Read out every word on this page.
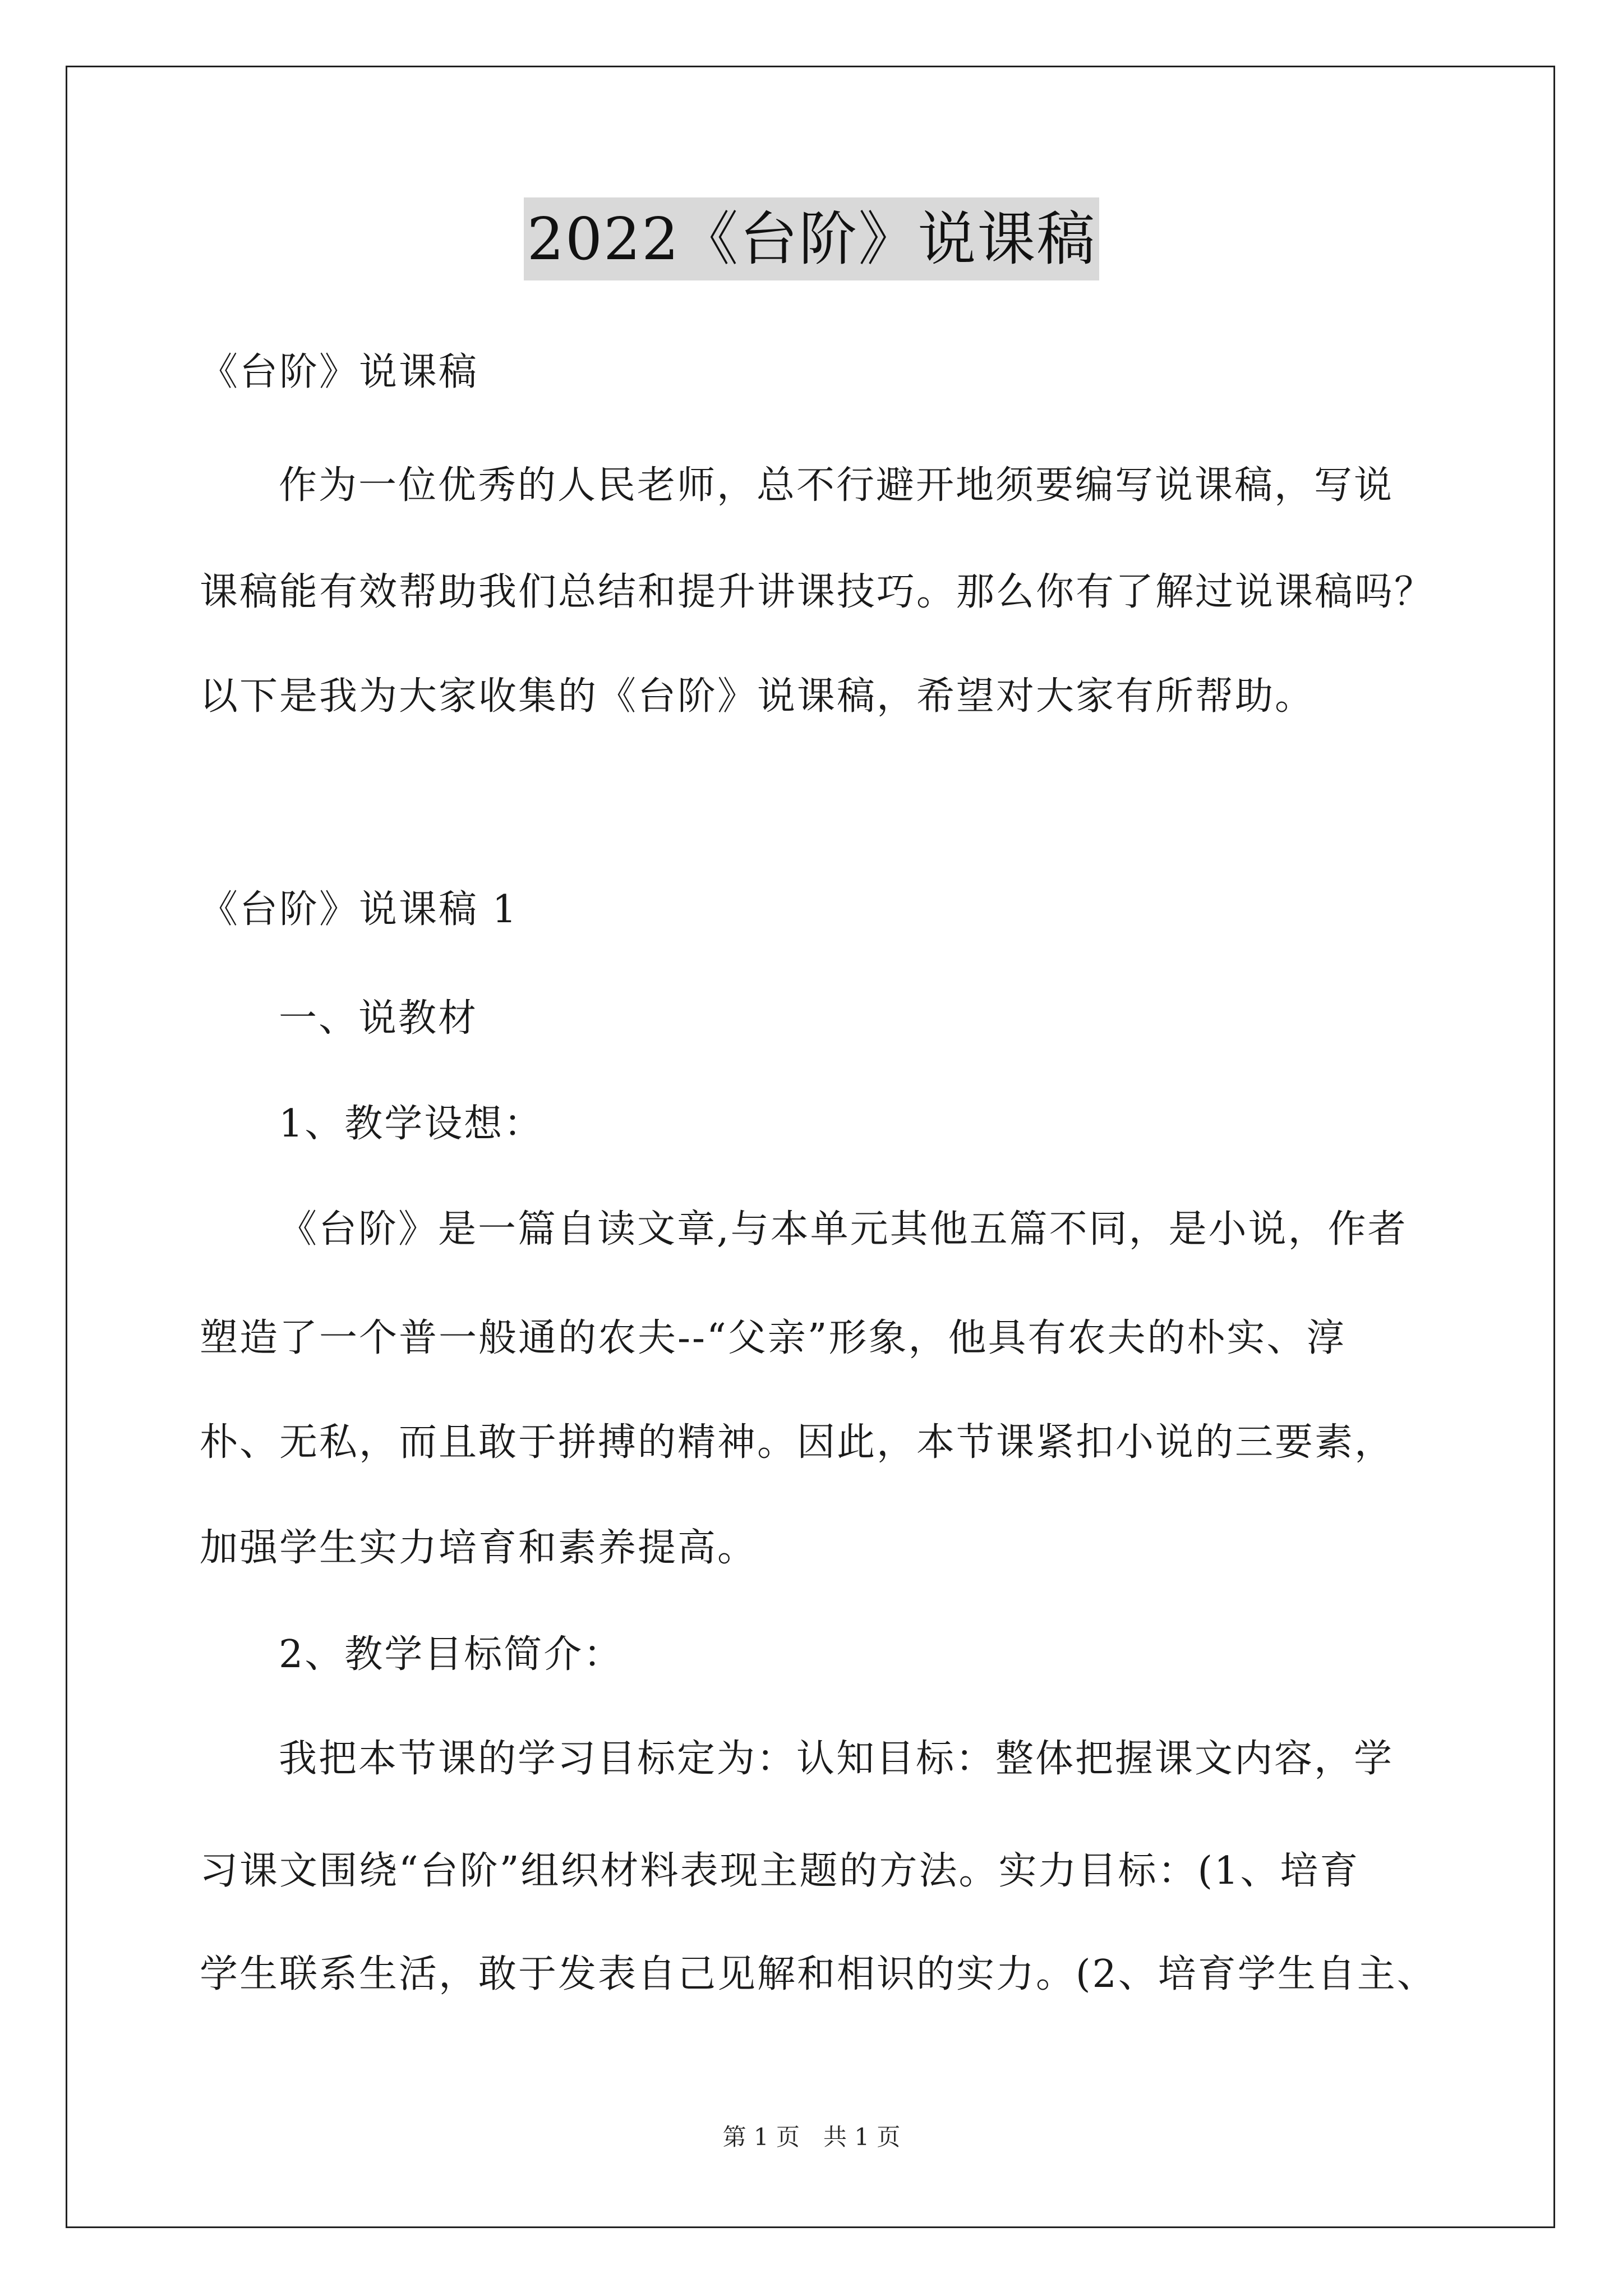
2022《台阶》说课稿
《台阶》说课稿
作为一位优秀的人民老师，总不行避开地须要编写说课稿，写说
课稿能有效帮助我们总结和提升讲课技巧。那么你有了解过说课稿吗？
以下是我为大家收集的《台阶》说课稿，希望对大家有所帮助。
《台阶》说课稿 1
一、说教材
1、教学设想：
《台阶》是一篇自读文章,与本单元其他五篇不同，是小说，作者
塑造了一个普一般通的农夫--“父亲”形象，他具有农夫的朴实、淳
朴、无私，而且敢于拼搏的精神。因此，本节课紧扣小说的三要素，
加强学生实力培育和素养提高。
2、教学目标简介：
我把本节课的学习目标定为：认知目标：整体把握课文内容，学
习课文围绕“台阶”组织材料表现主题的方法。实力目标：(1、培育
学生联系生活，敢于发表自己见解和相识的实力。(2、培育学生自主、
第 1 页　共 1 页
